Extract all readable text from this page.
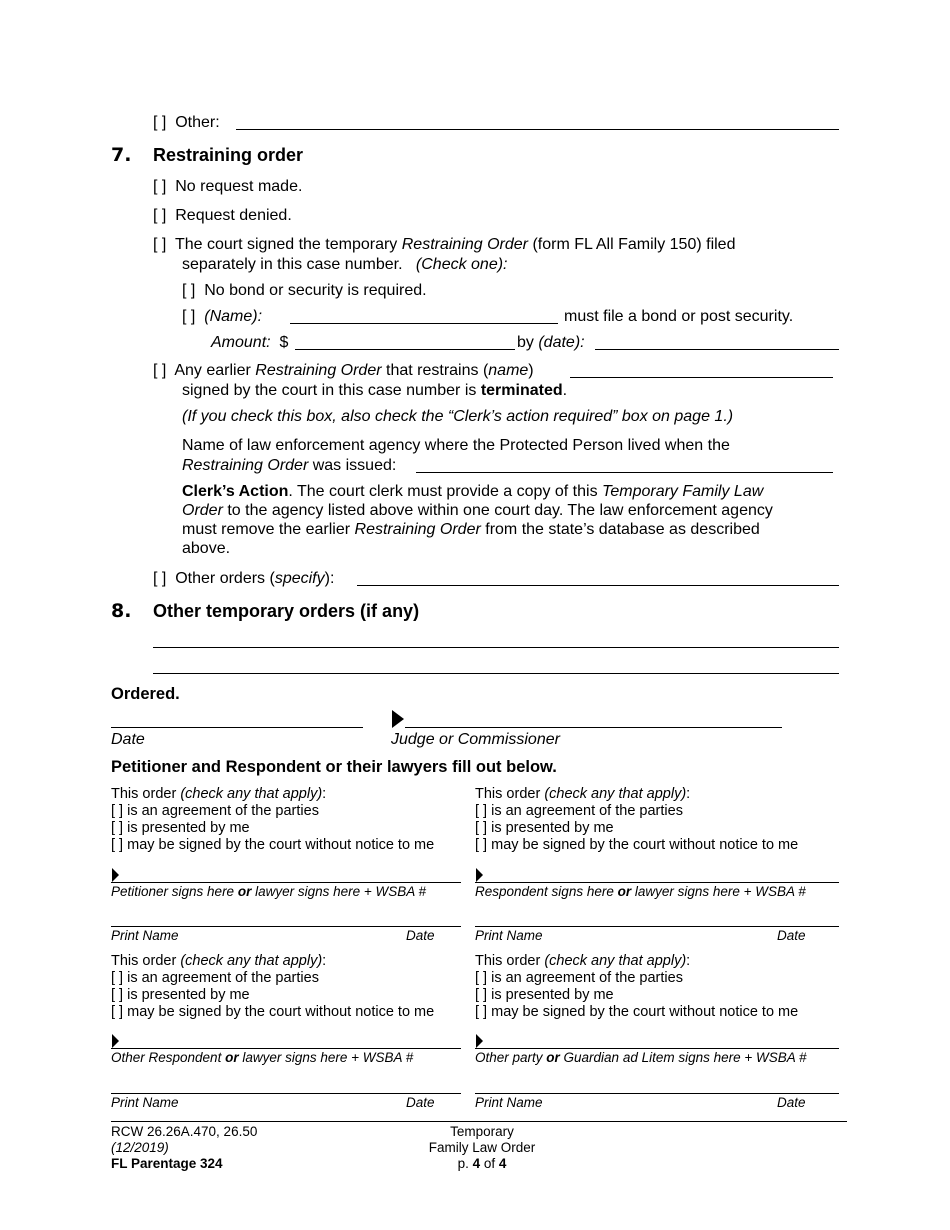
[ ] Other:
7. Restraining order
[ ] No request made.
[ ] Request denied.
[ ] The court signed the temporary Restraining Order (form FL All Family 150) filed
separately in this case number. (Check one):
[ ] No bond or security is required.
[ ] (Name):	must file a bond or post security.
Amount: $	by (date):
[ ] Any earlier Restraining Order that restrains (name)
signed by the court in this case number is terminated.
(If you check this box, also check the “Clerk’s action required” box on page 1.)
Name of law enforcement agency where the Protected Person lived when the
Restraining Order was issued:
Clerk’s Action. The court clerk must provide a copy of this Temporary Family Law
Order to the agency listed above within one court day. The law enforcement agency
must remove the earlier Restraining Order from the state’s database as described
above.
[ ] Other orders (specify):
8. Other temporary orders (if any)
Ordered.
Date	Judge or Commissioner
Petitioner and Respondent or their lawyers fill out below.
This order (check any that apply):
[ ] is an agreement of the parties
[ ] is presented by me
[ ] may be signed by the court without notice to me
Petitioner signs here or lawyer signs here + WSBA #
Print Name	Date
This order (check any that apply):
[ ] is an agreement of the parties
[ ] is presented by me
[ ] may be signed by the court without notice to me
Respondent signs here or lawyer signs here + WSBA #
Print Name	Date
This order (check any that apply):
[ ] is an agreement of the parties
[ ] is presented by me
[ ] may be signed by the court without notice to me
Other Respondent or lawyer signs here + WSBA #
Print Name	Date
This order (check any that apply):
[ ] is an agreement of the parties
[ ] is presented by me
[ ] may be signed by the court without notice to me
Other party or Guardian ad Litem signs here + WSBA #
Print Name	Date
RCW 26.26A.470, 26.50
(12/2019)
FL Parentage 324
Temporary
Family Law Order
p. 4 of 4
